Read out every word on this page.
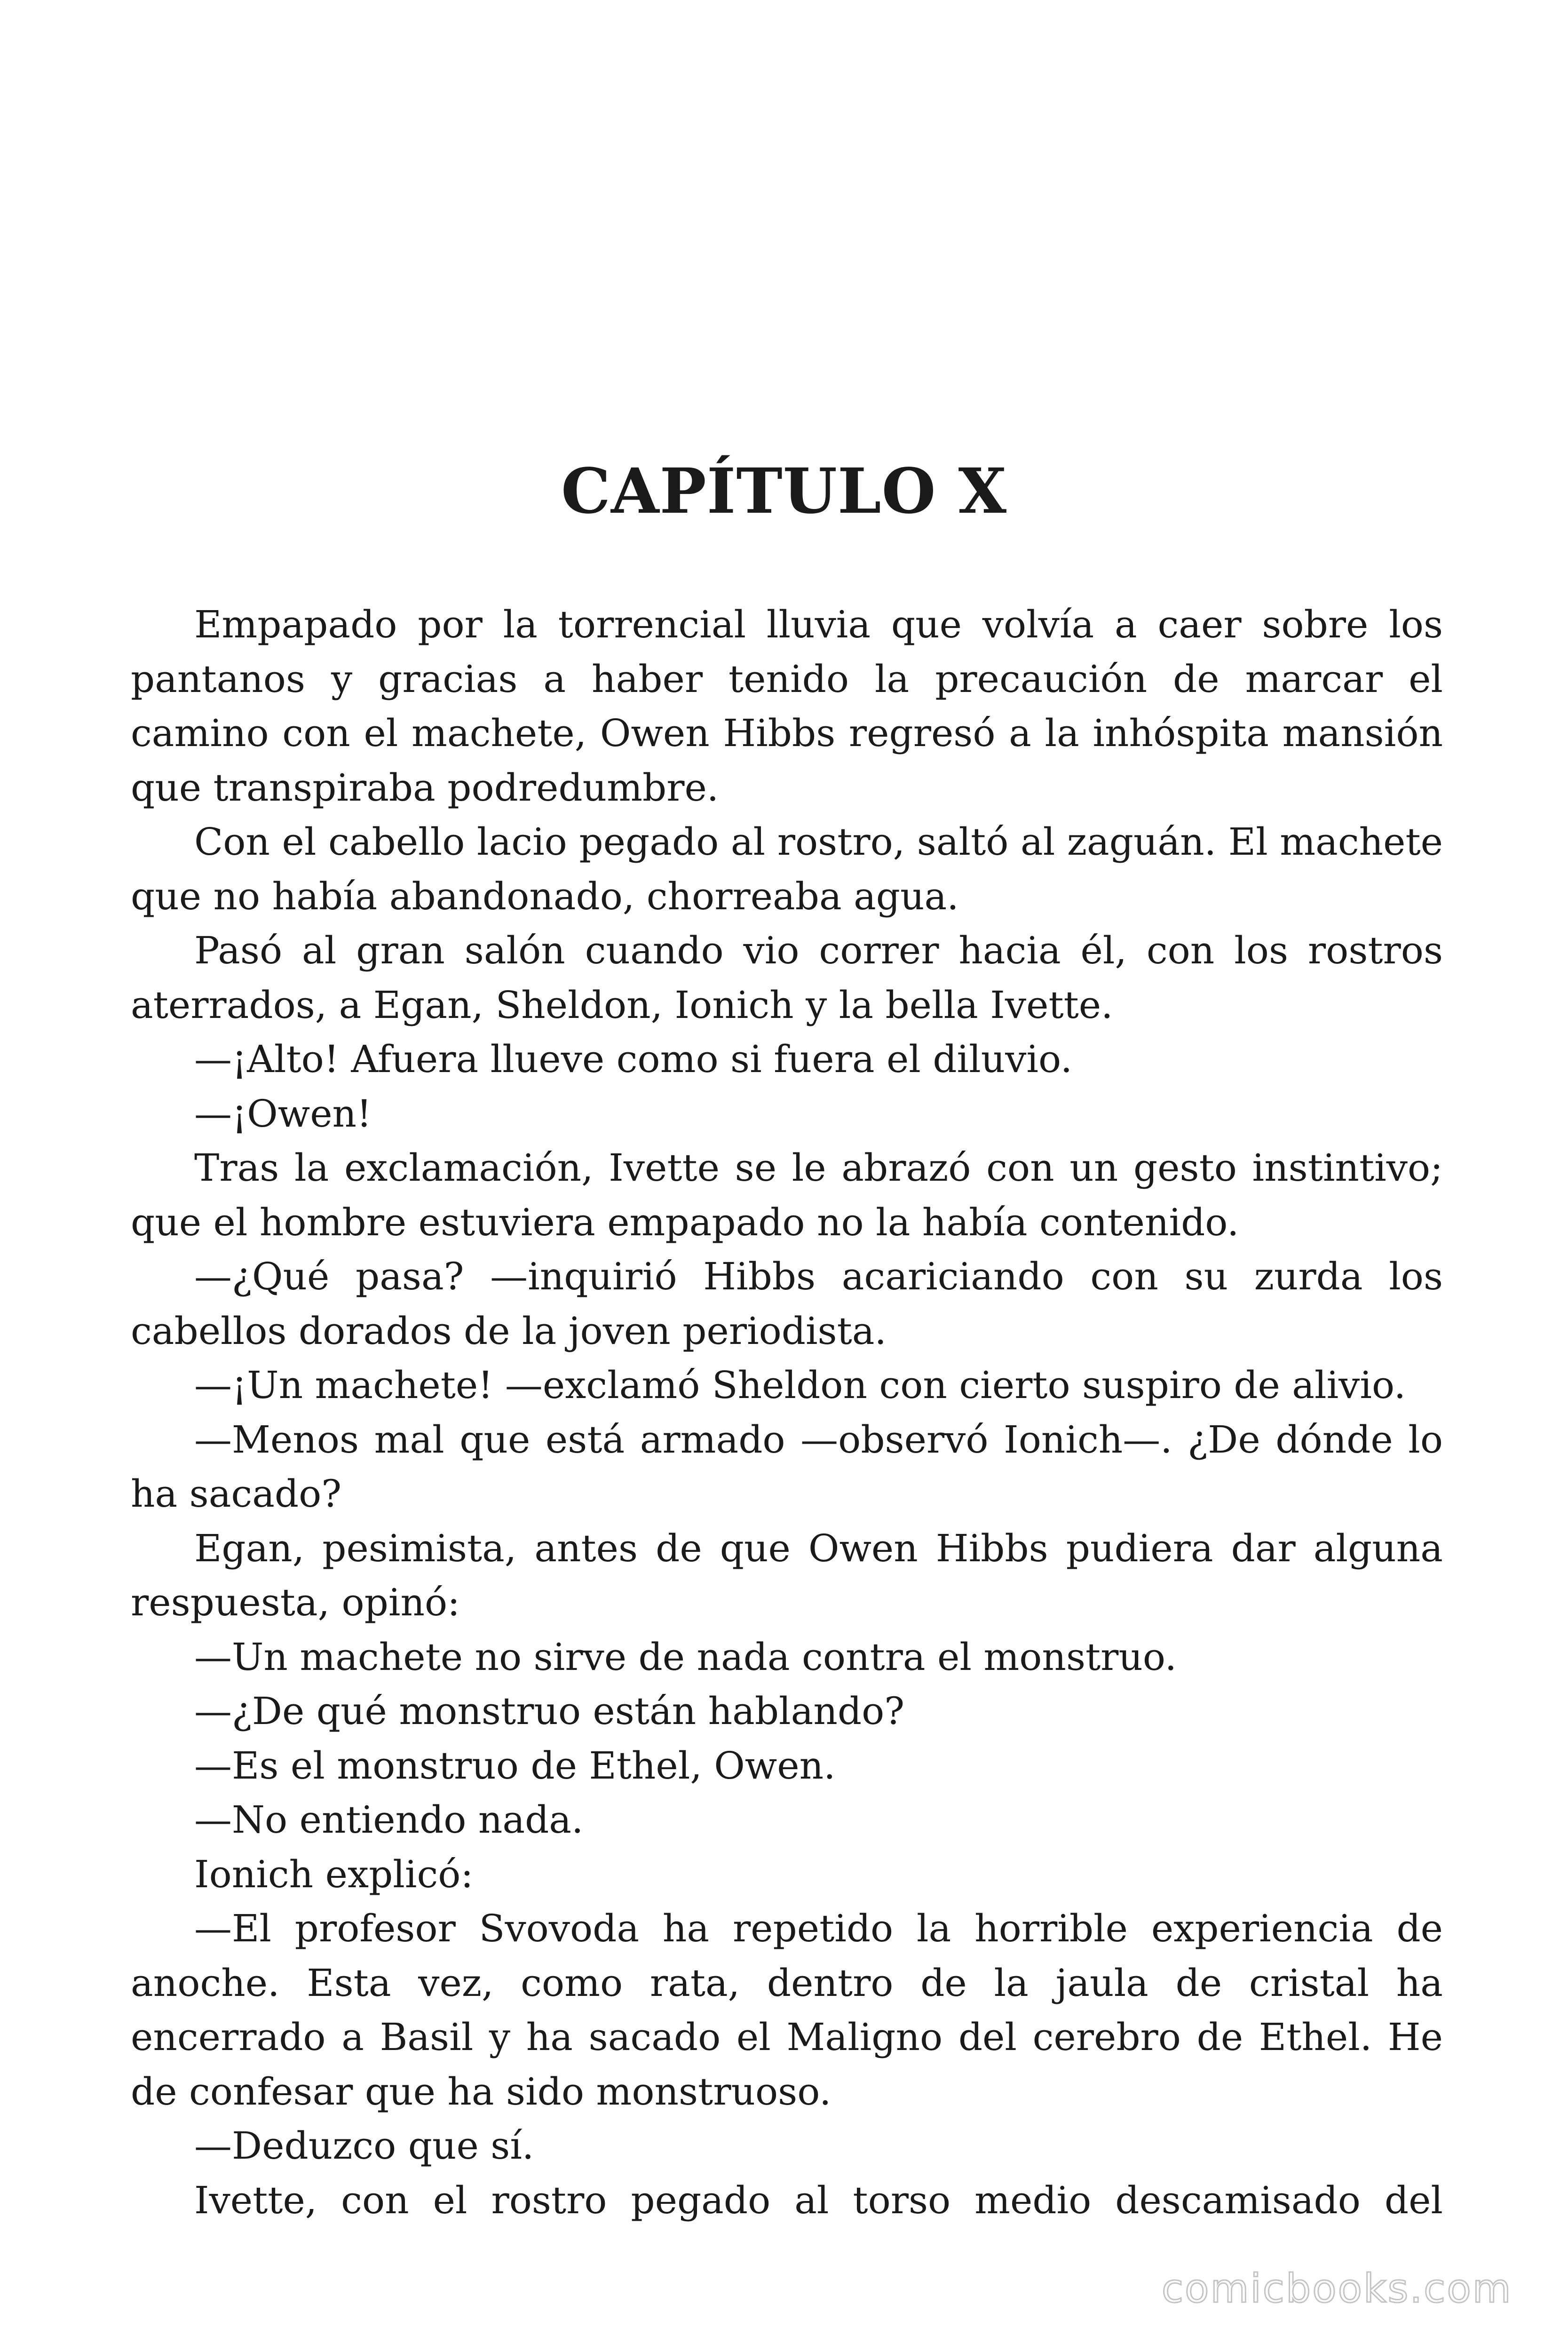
CAPÍTULO X

Empapado por la torrencial lluvia que volvía a caer sobre los pantanos y gracias a haber tenido la precaución de marcar el camino con el machete, Owen Hibbs regresó a la inhóspita mansión que transpiraba podredumbre.

Con el cabello lacio pegado al rostro, saltó al zaguán. El machete que no había abandonado, chorreaba agua.

Pasó al gran salón cuando vio correr hacia él, con los rostros aterrados, a Egan, Sheldon, Ionich y la bella Ivette.

—¡Alto! Afuera llueve como si fuera el diluvio.

—¡Owen!

Tras la exclamación, Ivette se le abrazó con un gesto instintivo; que el hombre estuviera empapado no la había contenido.

—¿Qué pasa? —inquirió Hibbs acariciando con su zurda los cabellos dorados de la joven periodista.

—¡Un machete! —exclamó Sheldon con cierto suspiro de alivio.

—Menos mal que está armado —observó Ionich—. ¿De dónde lo ha sacado?

Egan, pesimista, antes de que Owen Hibbs pudiera dar alguna respuesta, opinó:

—Un machete no sirve de nada contra el monstruo.

—¿De qué monstruo están hablando?

—Es el monstruo de Ethel, Owen.

—No entiendo nada.

Ionich explicó:

—El profesor Svovoda ha repetido la horrible experiencia de anoche. Esta vez, como rata, dentro de la jaula de cristal ha encerrado a Basil y ha sacado el Maligno del cerebro de Ethel. He de confesar que ha sido monstruoso.

—Deduzco que sí.

Ivette, con el rostro pegado al torso medio descamisado del

comicbooks.com
